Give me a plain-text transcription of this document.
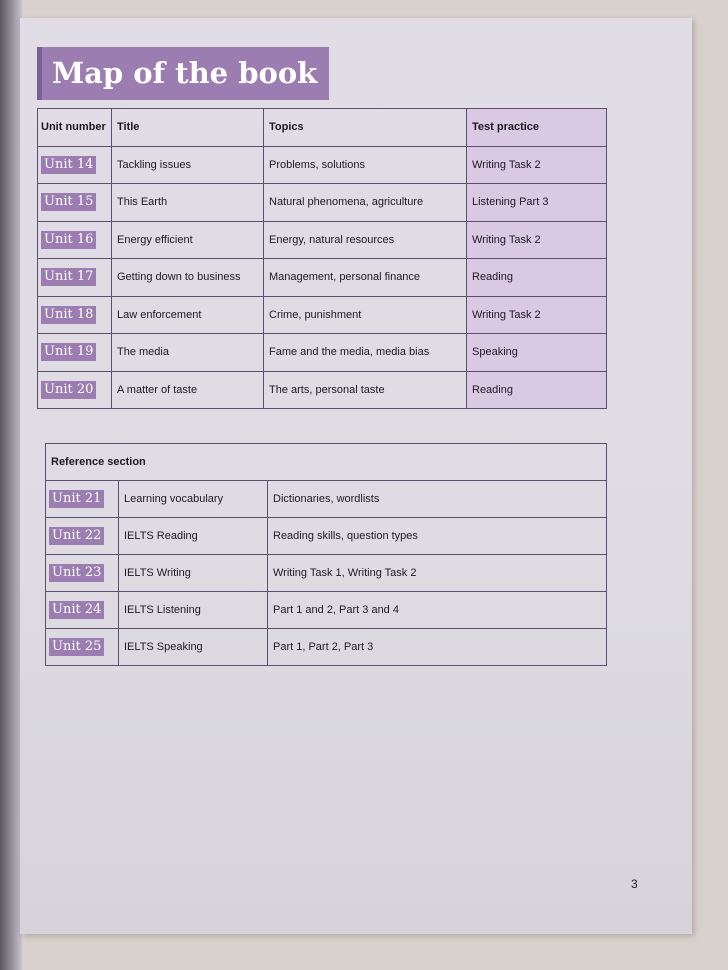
Map of the book
Unit number	Title	Topics	Test practice
Unit 14	Tackling issues	Problems, solutions	Writing Task 2
Unit 15	This Earth	Natural phenomena, agriculture	Listening Part 3
Unit 16	Energy efficient	Energy, natural resources	Writing Task 2
Unit 17	Getting down to business	Management, personal finance	Reading
Unit 18	Law enforcement	Crime, punishment	Writing Task 2
Unit 19	The media	Fame and the media, media bias	Speaking
Unit 20	A matter of taste	The arts, personal taste	Reading
Reference section		
Unit 21	Learning vocabulary	Dictionaries, wordlists
Unit 22	IELTS Reading	Reading skills, question types
Unit 23	IELTS Writing	Writing Task 1, Writing Task 2
Unit 24	IELTS Listening	Part 1 and 2, Part 3 and 4
Unit 25	IELTS Speaking	Part 1, Part 2, Part 3
3
